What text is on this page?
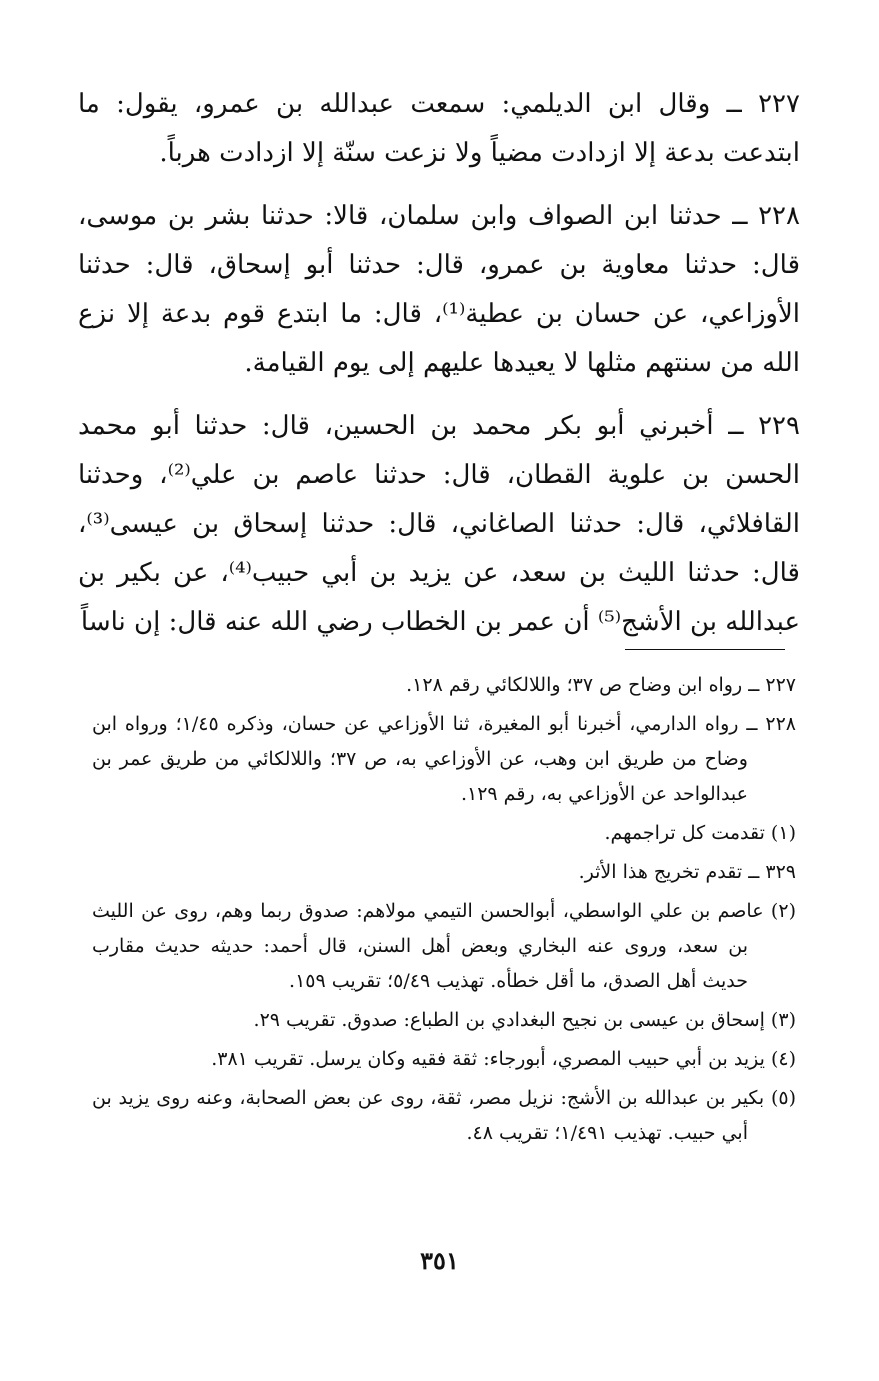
٢٢٧ ــ وقال ابن الديلمي: سمعت عبدالله بن عمرو، يقول: ما ابتدعت بدعة إلا ازدادت مضياً ولا نزعت سنّة إلا ازدادت هرباً.

٢٢٨ ــ حدثنا ابن الصواف وابن سلمان، قالا: حدثنا بشر بن موسى، قال: حدثنا معاوية بن عمرو، قال: حدثنا أبو إسحاق، قال: حدثنا الأوزاعي، عن حسان بن عطية⁽¹⁾، قال: ما ابتدع قوم بدعة إلا نزع الله من سنتهم مثلها لا يعيدها عليهم إلى يوم القيامة.

٢٢٩ ــ أخبرني أبو بكر محمد بن الحسين، قال: حدثنا أبو محمد الحسن بن علوية القطان، قال: حدثنا عاصم بن علي⁽²⁾، وحدثنا القافلائي، قال: حدثنا الصاغاني، قال: حدثنا إسحاق بن عيسى⁽³⁾، قال: حدثنا الليث بن سعد، عن يزيد بن أبي حبيب⁽⁴⁾، عن بكير بن عبدالله بن الأشج⁽⁵⁾ أن عمر بن الخطاب رضي الله عنه قال: إن ناساً

٢٢٧ ــ رواه ابن وضاح ص ٣٧؛ واللالكائي رقم ١٢٨.

٢٢٨ ــ رواه الدارمي، أخبرنا أبو المغيرة، ثنا الأوزاعي عن حسان، وذكره ١/٤٥؛ ورواه ابن وضاح من طريق ابن وهب، عن الأوزاعي به، ص ٣٧؛ واللالكائي من طريق عمر بن عبدالواحد عن الأوزاعي به، رقم ١٢٩.

(١) تقدمت كل تراجمهم.

٣٢٩ ــ تقدم تخريج هذا الأثر.

(٢) عاصم بن علي الواسطي، أبوالحسن التيمي مولاهم: صدوق ربما وهم، روى عن الليث بن سعد، وروى عنه البخاري وبعض أهل السنن، قال أحمد: حديثه حديث مقارب حديث أهل الصدق، ما أقل خطأه. تهذيب ٥/٤٩؛ تقريب ١٥٩.

(٣) إسحاق بن عيسى بن نجيح البغدادي بن الطباع: صدوق. تقريب ٢٩.

(٤) يزيد بن أبي حبيب المصري، أبورجاء: ثقة فقيه وكان يرسل. تقريب ٣٨١.

(٥) بكير بن عبدالله بن الأشج: نزيل مصر، ثقة، روى عن بعض الصحابة، وعنه روى يزيد بن أبي حبيب. تهذيب ١/٤٩١؛ تقريب ٤٨.

٣٥١
